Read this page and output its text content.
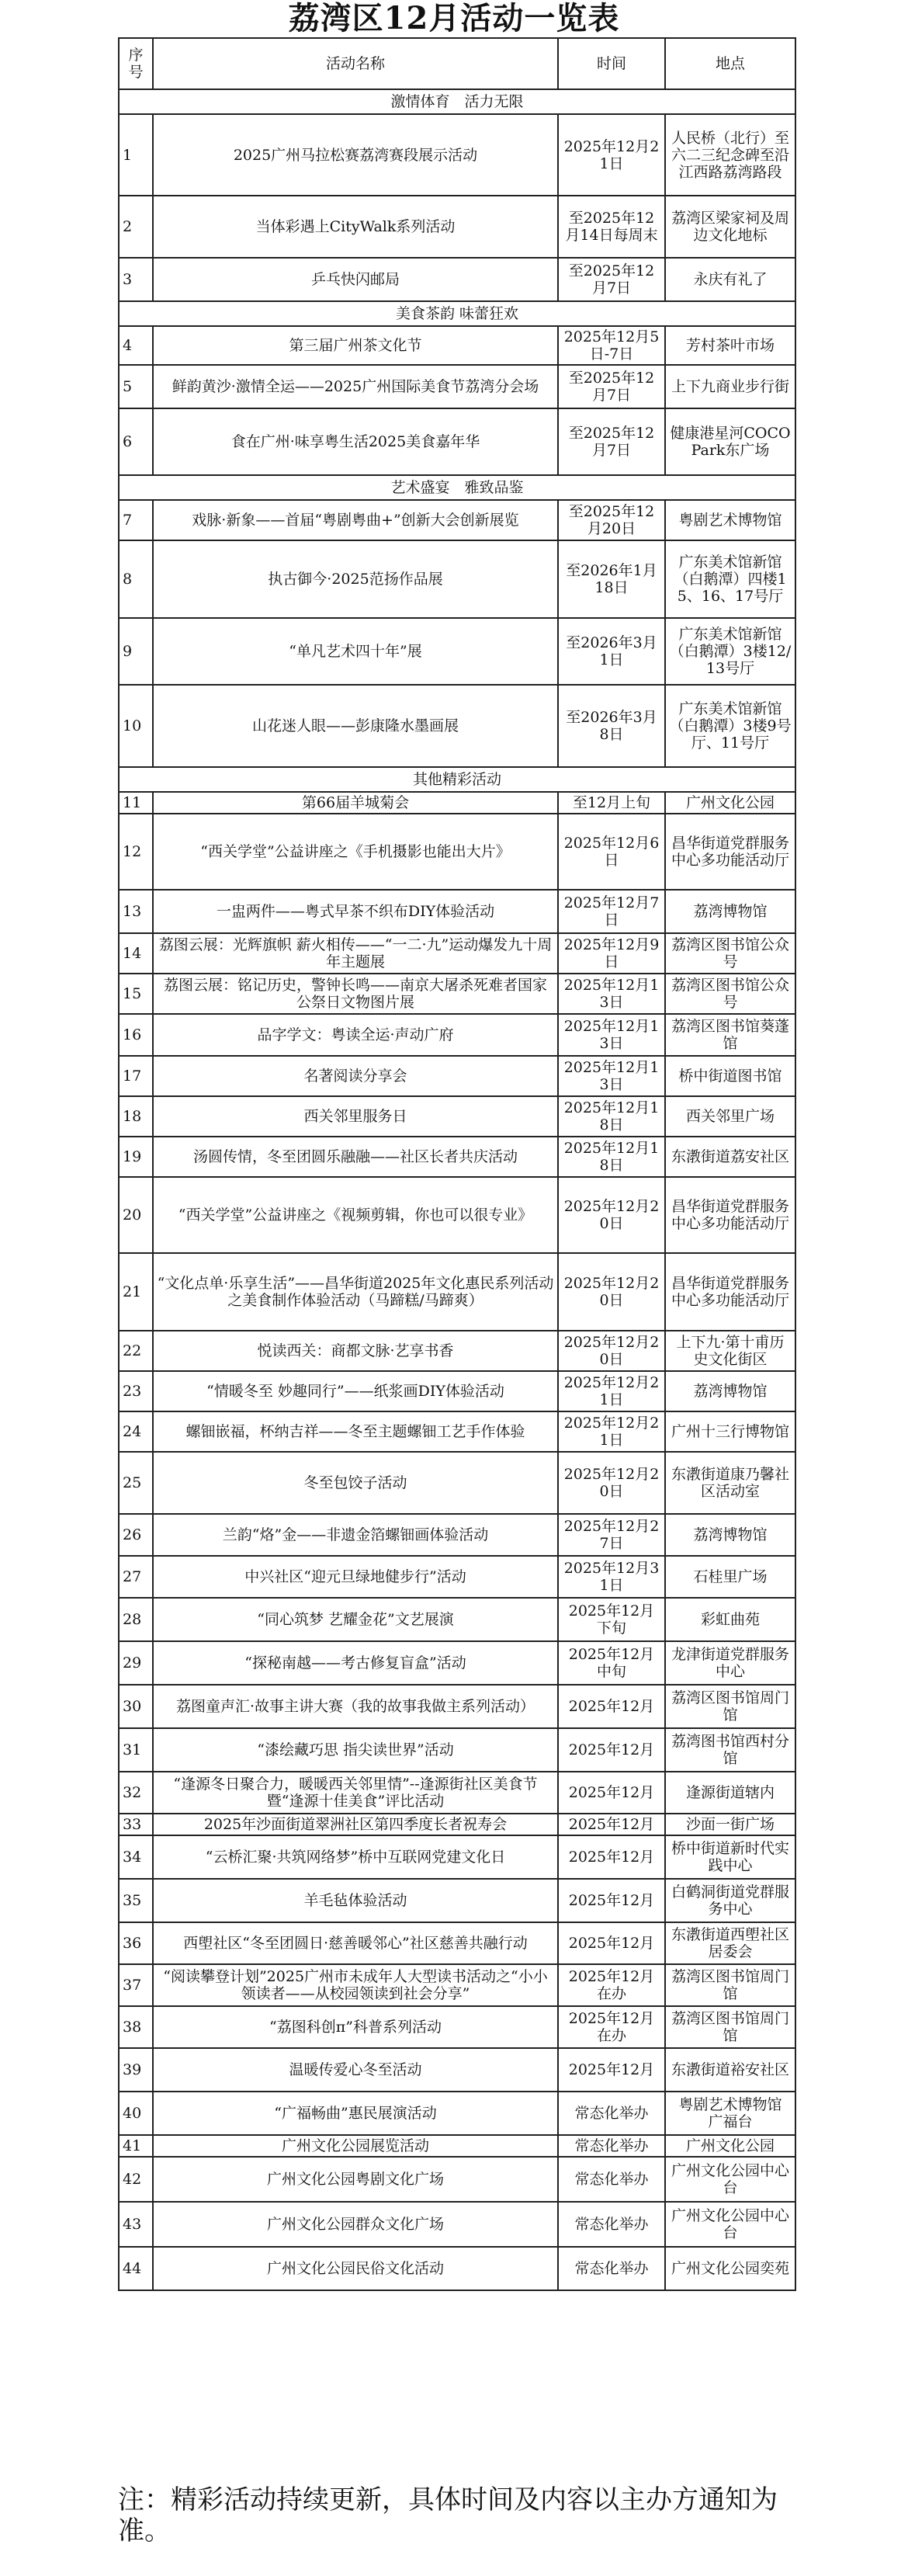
荔湾区12月活动一览表
序号	活动名称	时间	地点
激情体育　活力无限			
1	2025广州马拉松赛荔湾赛段展示活动	2025年12月21日	人民桥（北行）至六二三纪念碑至沿江西路荔湾路段
2	当体彩遇上CityWalk系列活动	至2025年12月14日每周末	荔湾区梁家祠及周边文化地标
3	乒乓快闪邮局	至2025年12月7日	永庆有礼了
美食茶韵 味蕾狂欢			
4	第三届广州茶文化节	2025年12月5日-7日	芳村茶叶市场
5	鲜韵黄沙·激情全运——2025广州国际美食节荔湾分会场	至2025年12月7日	上下九商业步行街
6	食在广州·味享粤生活2025美食嘉年华	至2025年12月7日	健康港星河COCO Park东广场
艺术盛宴　雅致品鉴			
7	戏脉·新象——首届“粤剧粤曲+”创新大会创新展览	至2025年12月20日	粤剧艺术博物馆
8	执古御今·2025范扬作品展	至2026年1月18日	广东美术馆新馆（白鹅潭）四楼15、16、17号厅
9	“单凡艺术四十年”展	至2026年3月1日	广东美术馆新馆（白鹅潭）3楼12/13号厅
10	山花迷人眼——彭康隆水墨画展	至2026年3月8日	广东美术馆新馆（白鹅潭）3楼9号厅、11号厅
其他精彩活动			
11	第66届羊城菊会	至12月上旬	广州文化公园
12	“西关学堂”公益讲座之《手机摄影也能出大片》	2025年12月6日	昌华街道党群服务中心多功能活动厅
13	一盅两件——粤式早茶不织布DIY体验活动	2025年12月7日	荔湾博物馆
14	荔图云展：光辉旗帜 薪火相传——“一二·九”运动爆发九十周年主题展	2025年12月9日	荔湾区图书馆公众号
15	荔图云展：铭记历史，警钟长鸣——南京大屠杀死难者国家公祭日文物图片展	2025年12月13日	荔湾区图书馆公众号
16	品字学文：粤读全运·声动广府	2025年12月13日	荔湾区图书馆葵蓬馆
17	名著阅读分享会	2025年12月13日	桥中街道图书馆
18	西关邻里服务日	2025年12月18日	西关邻里广场
19	汤圆传情，冬至团圆乐融融——社区长者共庆活动	2025年12月18日	东漖街道荔安社区
20	“西关学堂”公益讲座之《视频剪辑，你也可以很专业》	2025年12月20日	昌华街道党群服务中心多功能活动厅
21	“文化点单·乐享生活”——昌华街道2025年文化惠民系列活动之美食制作体验活动（马蹄糕/马蹄爽）	2025年12月20日	昌华街道党群服务中心多功能活动厅
22	悦读西关：商都文脉·艺享书香	2025年12月20日	上下九·第十甫历史文化街区
23	“情暖冬至 妙趣同行”——纸浆画DIY体验活动	2025年12月21日	荔湾博物馆
24	螺钿嵌福，杯纳吉祥——冬至主题螺钿工艺手作体验	2025年12月21日	广州十三行博物馆
25	冬至包饺子活动	2025年12月20日	东漖街道康乃馨社区活动室
26	兰韵“烙”金——非遗金箔螺钿画体验活动	2025年12月27日	荔湾博物馆
27	中兴社区“迎元旦绿地健步行”活动	2025年12月31日	石桂里广场
28	“同心筑梦 艺耀金花”文艺展演	2025年12月下旬	彩虹曲苑
29	“探秘南越——考古修复盲盒”活动	2025年12月中旬	龙津街道党群服务中心
30	荔图童声汇·故事主讲大赛（我的故事我做主系列活动）	2025年12月	荔湾区图书馆周门馆
31	“漆绘藏巧思 指尖读世界”活动	2025年12月	荔湾图书馆西村分馆
32	“逢源冬日聚合力，暖暖西关邻里情”--逢源街社区美食节暨“逢源十佳美食”评比活动	2025年12月	逢源街道辖内
33	2025年沙面街道翠洲社区第四季度长者祝寿会	2025年12月	沙面一街广场
34	“云桥汇聚·共筑网络梦”桥中互联网党建文化日	2025年12月	桥中街道新时代实践中心
35	羊毛毡体验活动	2025年12月	白鹤洞街道党群服务中心
36	西塱社区“冬至团圆日·慈善暖邻心”社区慈善共融行动	2025年12月	东漖街道西塱社区居委会
37	“阅读攀登计划”2025广州市未成年人大型读书活动之“小小领读者——从校园领读到社会分享”	2025年12月在办	荔湾区图书馆周门馆
38	“荔图科创π”科普系列活动	2025年12月在办	荔湾区图书馆周门馆
39	温暖传爱心冬至活动	2025年12月	东漖街道裕安社区
40	“广福畅曲”惠民展演活动	常态化举办	粤剧艺术博物馆 广福台
41	广州文化公园展览活动	常态化举办	广州文化公园
42	广州文化公园粤剧文化广场	常态化举办	广州文化公园中心台
43	广州文化公园群众文化广场	常态化举办	广州文化公园中心台
44	广州文化公园民俗文化活动	常态化举办	广州文化公园奕苑

注：精彩活动持续更新，具体时间及内容以主办方通知为准。
